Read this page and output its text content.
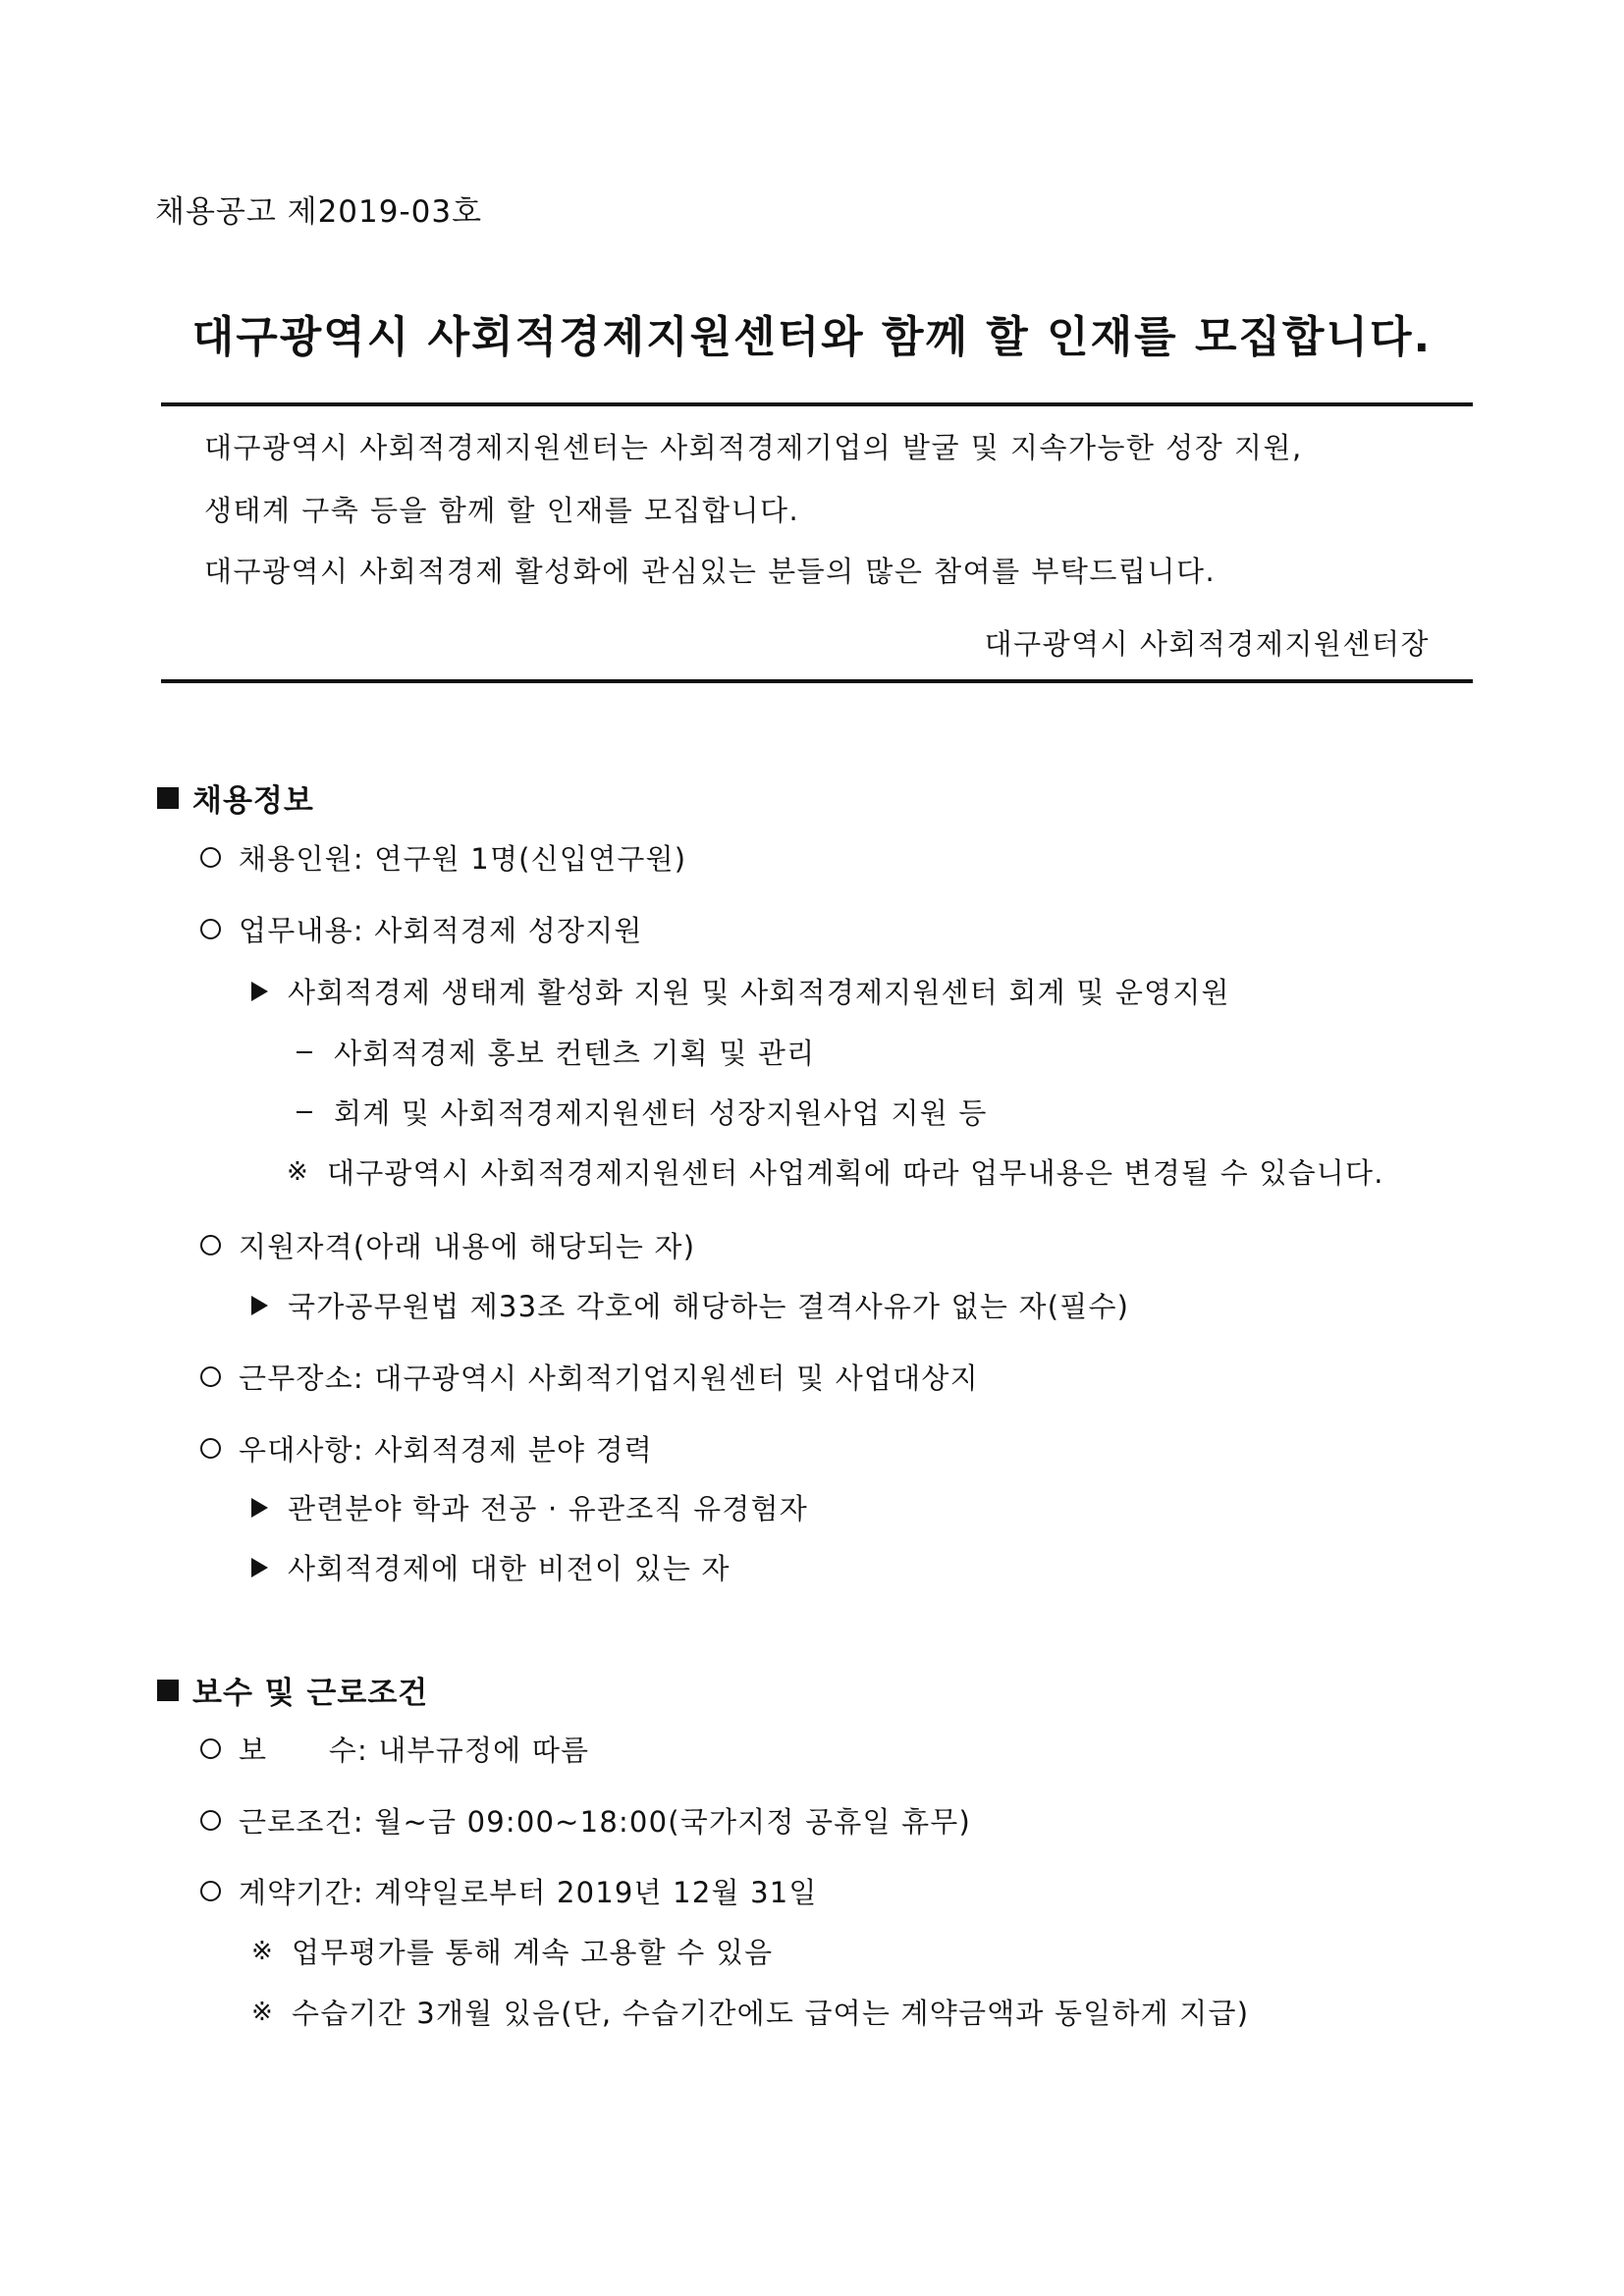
채용공고 제2019-03호
대구광역시 사회적경제지원센터와 함께 할 인재를 모집합니다.
대구광역시 사회적경제지원센터는 사회적경제기업의 발굴 및 지속가능한 성장 지원,
생태계 구축 등을 함께 할 인재를 모집합니다.
대구광역시 사회적경제 활성화에 관심있는 분들의 많은 참여를 부탁드립니다.
대구광역시 사회적경제지원센터장
채용정보
채용인원: 연구원 1명(신입연구원)
업무내용: 사회적경제 성장지원
사회적경제 생태계 활성화 지원 및 사회적경제지원센터 회계 및 운영지원
사회적경제 홍보 컨텐츠 기획 및 관리
회계 및 사회적경제지원센터 성장지원사업 지원 등
※ 대구광역시 사회적경제지원센터 사업계획에 따라 업무내용은 변경될 수 있습니다.
지원자격(아래 내용에 해당되는 자)
국가공무원법 제33조 각호에 해당하는 결격사유가 없는 자(필수)
근무장소: 대구광역시 사회적기업지원센터 및 사업대상지
우대사항: 사회적경제 분야 경력
관련분야 학과 전공 · 유관조직 유경험자
사회적경제에 대한 비전이 있는 자
보수 및 근로조건
보      수: 내부규정에 따름
근로조건: 월~금 09:00~18:00(국가지정 공휴일 휴무)
계약기간: 계약일로부터 2019년 12월 31일
※ 업무평가를 통해 계속 고용할 수 있음
※ 수습기간 3개월 있음(단, 수습기간에도 급여는 계약금액과 동일하게 지급)
